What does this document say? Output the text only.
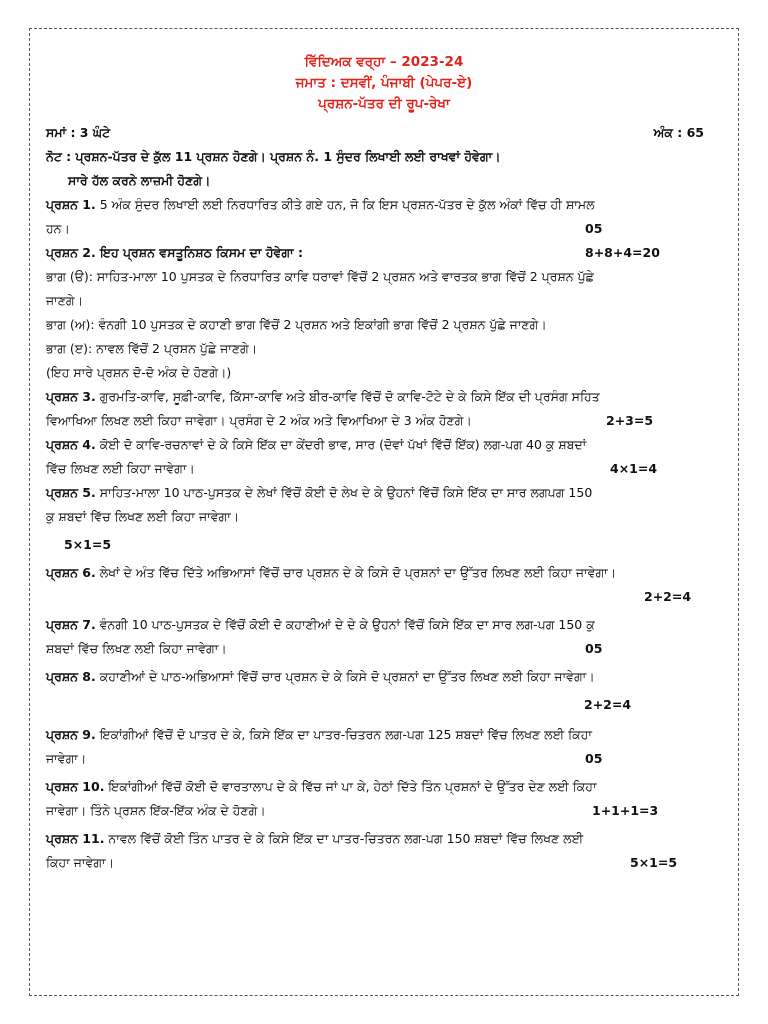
ਵਿੱਦਿਅਕ ਵਰ੍ਹਾ – 2023-24
ਜਮਾਤ : ਦਸਵੀਂ, ਪੰਜਾਬੀ (ਪੇਪਰ-ਏ)
ਪ੍ਰਸ਼ਨ-ਪੱਤਰ ਦੀ ਰੂਪ-ਰੇਖਾ
ਸਮਾਂ : 3 ਘੰਟੇ	ਅੰਕ : 65
ਨੋਟ : ਪ੍ਰਸ਼ਨ-ਪੱਤਰ ਦੇ ਕੁੱਲ 11 ਪ੍ਰਸ਼ਨ ਹੋਣਗੇ। ਪ੍ਰਸ਼ਨ ਨੰ. 1 ਸੁੰਦਰ ਲਿਖਾਈ ਲਈ ਰਾਖਵਾਂ ਹੋਵੇਗਾ।
ਸਾਰੇ ਹੱਲ ਕਰਨੇ ਲਾਜ਼ਮੀ ਹੋਣਗੇ।
ਪ੍ਰਸ਼ਨ 1. 5 ਅੰਕ ਸੁੰਦਰ ਲਿਖਾਈ ਲਈ ਨਿਰਧਾਰਿਤ ਕੀਤੇ ਗਏ ਹਨ, ਜੋ ਕਿ ਇਸ ਪ੍ਰਸ਼ਨ-ਪੱਤਰ ਦੇ ਕੁੱਲ ਅੰਕਾਂ ਵਿੱਚ ਹੀ ਸ਼ਾਮਲ
ਹਨ।	05
ਪ੍ਰਸ਼ਨ 2. ਇਹ ਪ੍ਰਸ਼ਨ ਵਸਤੂਨਿਸ਼ਠ ਕਿਸਮ ਦਾ ਹੋਵੇਗਾ :	8+8+4=20
ਭਾਗ (ੳ): ਸਾਹਿਤ-ਮਾਲਾ 10 ਪੁਸਤਕ ਦੇ ਨਿਰਧਾਰਿਤ ਕਾਵਿ ਧਰਾਵਾਂ ਵਿੱਚੋਂ 2 ਪ੍ਰਸ਼ਨ ਅਤੇ ਵਾਰਤਕ ਭਾਗ ਵਿੱਚੋਂ 2 ਪ੍ਰਸ਼ਨ ਪੁੱਛੇ
ਜਾਣਗੇ।
ਭਾਗ (ਅ): ਵੰਨਗੀ 10 ਪੁਸਤਕ ਦੇ ਕਹਾਣੀ ਭਾਗ ਵਿੱਚੋਂ 2 ਪ੍ਰਸ਼ਨ ਅਤੇ ਇਕਾਂਗੀ ਭਾਗ ਵਿੱਚੋਂ 2 ਪ੍ਰਸ਼ਨ ਪੁੱਛੇ ਜਾਣਗੇ।
ਭਾਗ (ੲ): ਨਾਵਲ ਵਿੱਚੋਂ 2 ਪ੍ਰਸ਼ਨ ਪੁੱਛੇ ਜਾਣਗੇ।
(ਇਹ ਸਾਰੇ ਪ੍ਰਸ਼ਨ ਦੋ-ਦੋ ਅੰਕ ਦੇ ਹੋਣਗੇ।)
ਪ੍ਰਸ਼ਨ 3. ਗੁਰਮਤਿ-ਕਾਵਿ, ਸੂਫ਼ੀ-ਕਾਵਿ, ਕਿੱਸਾ-ਕਾਵਿ ਅਤੇ ਬੀਰ-ਕਾਵਿ ਵਿੱਚੋਂ ਦੋ ਕਾਵਿ-ਟੋਟੇ ਦੇ ਕੇ ਕਿਸੇ ਇੱਕ ਦੀ ਪ੍ਰਸੰਗ ਸਹਿਤ
ਵਿਆਖਿਆ ਲਿਖਣ ਲਈ ਕਿਹਾ ਜਾਵੇਗਾ। ਪ੍ਰਸੰਗ ਦੇ 2 ਅੰਕ ਅਤੇ ਵਿਆਖਿਆ ਦੇ 3 ਅੰਕ ਹੋਣਗੇ।	2+3=5
ਪ੍ਰਸ਼ਨ 4. ਕੋਈ ਦੋ ਕਾਵਿ-ਰਚਨਾਵਾਂ ਦੇ ਕੇ ਕਿਸੇ ਇੱਕ ਦਾ ਕੇਂਦਰੀ ਭਾਵ, ਸਾਰ (ਦੋਵਾਂ ਪੱਖਾਂ ਵਿੱਚੋਂ ਇੱਕ) ਲਗ-ਪਗ 40 ਕੁ ਸ਼ਬਦਾਂ
ਵਿੱਚ ਲਿਖਣ ਲਈ ਕਿਹਾ ਜਾਵੇਗਾ।	4×1=4
ਪ੍ਰਸ਼ਨ 5. ਸਾਹਿਤ-ਮਾਲਾ 10 ਪਾਠ-ਪੁਸਤਕ ਦੇ ਲੇਖਾਂ ਵਿੱਚੋਂ ਕੋਈ ਦੋ ਲੇਖ ਦੇ ਕੇ ਉਹਨਾਂ ਵਿੱਚੋਂ ਕਿਸੇ ਇੱਕ ਦਾ ਸਾਰ ਲਗਪਗ 150
ਕੁ ਸ਼ਬਦਾਂ ਵਿੱਚ ਲਿਖਣ ਲਈ ਕਿਹਾ ਜਾਵੇਗਾ।
5×1=5
ਪ੍ਰਸ਼ਨ 6. ਲੇਖਾਂ ਦੇ ਅੰਤ ਵਿੱਚ ਦਿੱਤੇ ਅਭਿਆਸਾਂ ਵਿੱਚੋਂ ਚਾਰ ਪ੍ਰਸ਼ਨ ਦੇ ਕੇ ਕਿਸੇ ਦੋ ਪ੍ਰਸ਼ਨਾਂ ਦਾ ਉੱਤਰ ਲਿਖਣ ਲਈ ਕਿਹਾ ਜਾਵੇਗਾ।

2+2=4
ਪ੍ਰਸ਼ਨ 7. ਵੰਨਗੀ 10 ਪਾਠ-ਪੁਸਤਕ ਦੇ ਵਿੱਚੋਂ ਕੋਈ ਦੋ ਕਹਾਣੀਆਂ ਦੇ ਦੇ ਕੇ ਉਹਨਾਂ ਵਿੱਚੋਂ ਕਿਸੇ ਇੱਕ ਦਾ ਸਾਰ ਲਗ-ਪਗ 150 ਕੁ
ਸ਼ਬਦਾਂ ਵਿੱਚ ਲਿਖਣ ਲਈ ਕਿਹਾ ਜਾਵੇਗਾ।	05
ਪ੍ਰਸ਼ਨ 8. ਕਹਾਣੀਆਂ ਦੇ ਪਾਠ-ਅਭਿਆਸਾਂ ਵਿੱਚੋਂ ਚਾਰ ਪ੍ਰਸ਼ਨ ਦੇ ਕੇ ਕਿਸੇ ਦੋ ਪ੍ਰਸ਼ਨਾਂ ਦਾ ਉੱਤਰ ਲਿਖਣ ਲਈ ਕਿਹਾ ਜਾਵੇਗਾ।

2+2=4
ਪ੍ਰਸ਼ਨ 9. ਇਕਾਂਗੀਆਂ ਵਿੱਚੋਂ ਦੋ ਪਾਤਰ ਦੇ ਕੇ, ਕਿਸੇ ਇੱਕ ਦਾ ਪਾਤਰ-ਚਿਤਰਨ ਲਗ-ਪਗ 125 ਸ਼ਬਦਾਂ ਵਿੱਚ ਲਿਖਣ ਲਈ ਕਿਹਾ
ਜਾਵੇਗਾ।	05
ਪ੍ਰਸ਼ਨ 10. ਇਕਾਂਗੀਆਂ ਵਿੱਚੋਂ ਕੋਈ ਦੋ ਵਾਰਤਾਲਾਪ ਦੇ ਕੇ ਵਿੱਚ ਜਾਂ ਪਾ ਕੇ, ਹੇਠਾਂ ਦਿੱਤੇ ਤਿੰਨ ਪ੍ਰਸ਼ਨਾਂ ਦੇ ਉੱਤਰ ਦੇਣ ਲਈ ਕਿਹਾ
ਜਾਵੇਗਾ। ਤਿੰਨੇ ਪ੍ਰਸ਼ਨ ਇੱਕ-ਇੱਕ ਅੰਕ ਦੇ ਹੋਣਗੇ।	1+1+1=3
ਪ੍ਰਸ਼ਨ 11. ਨਾਵਲ ਵਿੱਚੋਂ ਕੋਈ ਤਿੰਨ ਪਾਤਰ ਦੇ ਕੇ ਕਿਸੇ ਇੱਕ ਦਾ ਪਾਤਰ-ਚਿਤਰਨ ਲਗ-ਪਗ 150 ਸ਼ਬਦਾਂ ਵਿੱਚ ਲਿਖਣ ਲਈ
ਕਿਹਾ ਜਾਵੇਗਾ।	5×1=5
